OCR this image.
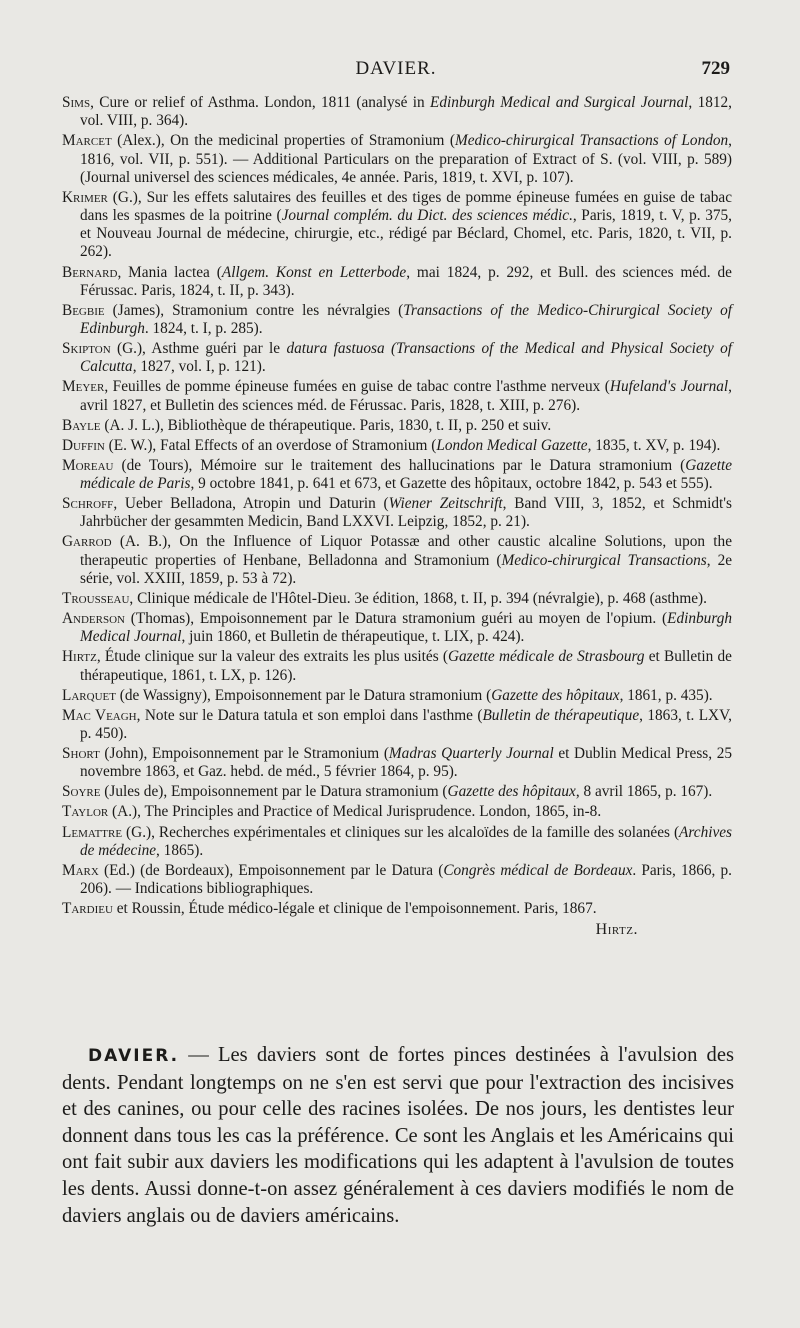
DAVIER.	729

Sims, Cure or relief of Asthma. London, 1811 (analysé in Edinburgh Medical and Surgical Journal, 1812, vol. VIII, p. 364).

Marcet (Alex.), On the medicinal properties of Stramonium (Medico-chirurgical Transactions of London, 1816, vol. VII, p. 551). — Additional Particulars on the preparation of Extract of S. (vol. VIII, p. 589) (Journal universel des sciences médicales, 4e année. Paris, 1819, t. XVI, p. 107).

Krimer (G.), Sur les effets salutaires des feuilles et des tiges de pomme épineuse fumées en guise de tabac dans les spasmes de la poitrine (Journal complém. du Dict. des sciences médic., Paris, 1819, t. V, p. 375, et Nouveau Journal de médecine, chirurgie, etc., rédigé par Béclard, Chomel, etc. Paris, 1820, t. VII, p. 262).

Bernard, Mania lactea (Allgem. Konst en Letterbode, mai 1824, p. 292, et Bull. des sciences méd. de Férussac. Paris, 1824, t. II, p. 343).

Begbie (James), Stramonium contre les névralgies (Transactions of the Medico-Chirurgical Society of Edinburgh. 1824, t. I, p. 285).

Skipton (G.), Asthme guéri par le datura fastuosa (Transactions of the Medical and Physical Society of Calcutta, 1827, vol. I, p. 121).

Meyer, Feuilles de pomme épineuse fumées en guise de tabac contre l'asthme nerveux (Hufeland's Journal, avril 1827, et Bulletin des sciences méd. de Férussac. Paris, 1828, t. XIII, p. 276).

Bayle (A. J. L.), Bibliothèque de thérapeutique. Paris, 1830, t. II, p. 250 et suiv.

Duffin (E. W.), Fatal Effects of an overdose of Stramonium (London Medical Gazette, 1835, t. XV, p. 194).

Moreau (de Tours), Mémoire sur le traitement des hallucinations par le Datura stramonium (Gazette médicale de Paris, 9 octobre 1841, p. 641 et 673, et Gazette des hôpitaux, octobre 1842, p. 543 et 555).

Schroff, Ueber Belladona, Atropin und Daturin (Wiener Zeitschrift, Band VIII, 3, 1852, et Schmidt's Jahrbücher der gesammten Medicin, Band LXXVI. Leipzig, 1852, p. 21).

Garrod (A. B.), On the Influence of Liquor Potassæ and other caustic alcaline Solutions, upon the therapeutic properties of Henbane, Belladonna and Stramonium (Medico-chirurgical Transactions, 2e série, vol. XXIII, 1859, p. 53 à 72).

Trousseau, Clinique médicale de l'Hôtel-Dieu. 3e édition, 1868, t. II, p. 394 (névralgie), p. 468 (asthme).

Anderson (Thomas), Empoisonnement par le Datura stramonium guéri au moyen de l'opium. (Edinburgh Medical Journal, juin 1860, et Bulletin de thérapeutique, t. LIX, p. 424).

Hirtz, Étude clinique sur la valeur des extraits les plus usités (Gazette médicale de Strasbourg et Bulletin de thérapeutique, 1861, t. LX, p. 126).

Larquet (de Wassigny), Empoisonnement par le Datura stramonium (Gazette des hôpitaux, 1861, p. 435).

Mac Veagh, Note sur le Datura tatula et son emploi dans l'asthme (Bulletin de thérapeutique, 1863, t. LXV, p. 450).

Short (John), Empoisonnement par le Stramonium (Madras Quarterly Journal et Dublin Medical Press, 25 novembre 1863, et Gaz. hebd. de méd., 5 février 1864, p. 95).

Soyre (Jules de), Empoisonnement par le Datura stramonium (Gazette des hôpitaux, 8 avril 1865, p. 167).

Taylor (A.), The Principles and Practice of Medical Jurisprudence. London, 1865, in-8.

Lemattre (G.), Recherches expérimentales et cliniques sur les alcaloïdes de la famille des solanées (Archives de médecine, 1865).

Marx (Ed.) (de Bordeaux), Empoisonnement par le Datura (Congrès médical de Bordeaux. Paris, 1866, p. 206). — Indications bibliographiques.

Tardieu et Roussin, Étude médico-légale et clinique de l'empoisonnement. Paris, 1867.

Hirtz.
DAVIER. — Les daviers sont de fortes pinces destinées à l'avulsion des dents. Pendant longtemps on ne s'en est servi que pour l'extraction des incisives et des canines, ou pour celle des racines isolées. De nos jours, les dentistes leur donnent dans tous les cas la préférence. Ce sont les Anglais et les Américains qui ont fait subir aux daviers les modifications qui les adaptent à l'avulsion de toutes les dents. Aussi donne-t-on assez généralement à ces daviers modifiés le nom de daviers anglais ou de daviers américains.
